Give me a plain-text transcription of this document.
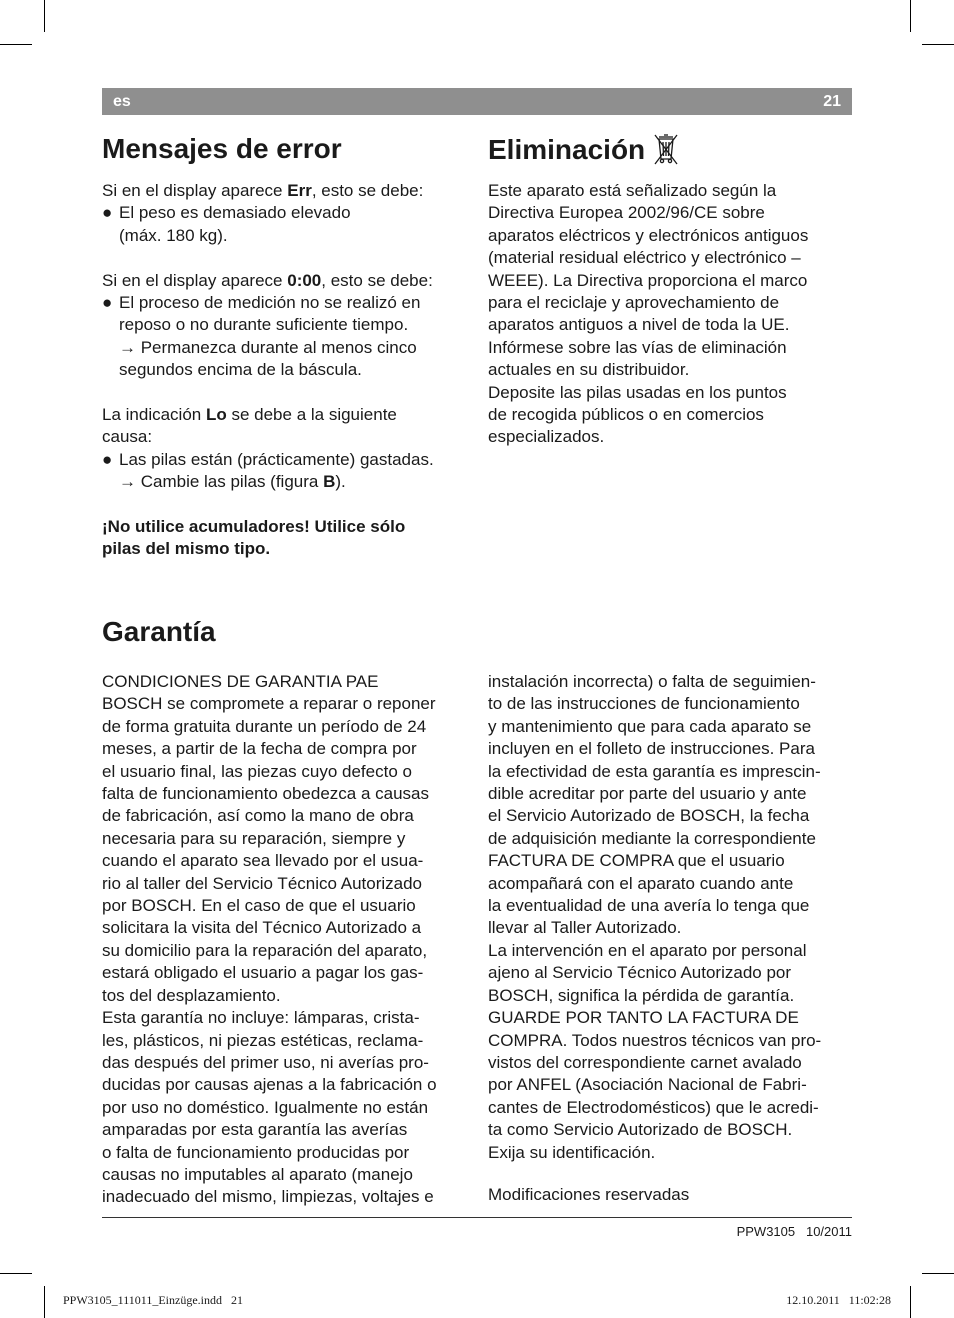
es	21
Mensajes de error

Si en el display aparece Err, esto se debe:

● El peso es demasiado elevado

(máx. 180 kg).

Si en el display aparece 0:00, esto se debe:

● El proceso de medición no se realizó en

reposo o no durante suficiente tiempo.

→ Permanezca durante al menos cinco

segundos encima de la báscula.

La indicación Lo se debe a la siguiente

causa:

● Las pilas están (prácticamente) gastadas.

→ Cambie las pilas (figura B).

¡No utilice acumuladores! Utilice sólo

pilas del mismo tipo.

Eliminación

Este aparato está señalizado según la

Directiva Europea 2002/96/CE sobre

aparatos eléctricos y electrónicos antiguos

(material residual eléctrico y electrónico –

WEEE). La Directiva proporciona el marco

para el reciclaje y aprovechamiento de

aparatos antiguos a nivel de toda la UE.

Infórmese sobre las vías de eliminación

actuales en su distribuidor.

Deposite las pilas usadas en los puntos

de recogida públicos o en comercios

especializados.

Garantía

CONDICIONES DE GARANTIA PAE

BOSCH se compromete a reparar o reponer

de forma gratuita durante un período de 24

meses, a partir de la fecha de compra por

el usuario final, las piezas cuyo defecto o

falta de funcionamiento obedezca a causas

de fabricación, así como la mano de obra

necesaria para su reparación, siempre y

cuando el aparato sea llevado por el usua-

rio al taller del Servicio Técnico Autorizado

por BOSCH. En el caso de que el usuario

solicitara la visita del Técnico Autorizado a

su domicilio para la reparación del aparato,

estará obligado el usuario a pagar los gas-

tos del desplazamiento.

Esta garantía no incluye: lámparas, crista-

les, plásticos, ni piezas estéticas, reclama-

das después del primer uso, ni averías pro-

ducidas por causas ajenas a la fabricación o

por uso no doméstico. Igualmente no están

amparadas por esta garantía las averías

o falta de funcionamiento producidas por

causas no imputables al aparato (manejo

inadecuado del mismo, limpiezas, voltajes e

instalación incorrecta) o falta de seguimien-

to de las instrucciones de funcionamiento

y mantenimiento que para cada aparato se

incluyen en el folleto de instrucciones. Para

la efectividad de esta garantía es imprescin-

dible acreditar por parte del usuario y ante

el Servicio Autorizado de BOSCH, la fecha

de adquisición mediante la correspondiente

FACTURA DE COMPRA que el usuario

acompañará con el aparato cuando ante

la eventualidad de una avería lo tenga que

llevar al Taller Autorizado.

La intervención en el aparato por personal

ajeno al Servicio Técnico Autorizado por

BOSCH, significa la pérdida de garantía.

GUARDE POR TANTO LA FACTURA DE

COMPRA. Todos nuestros técnicos van pro-

vistos del correspondiente carnet avalado

por ANFEL (Asociación Nacional de Fabri-

cantes de Electrodomésticos) que le acredi-

ta como Servicio Autorizado de BOSCH.

Exija su identificación.

Modificaciones reservadas

PPW3105   10/2011
PPW3105_111011_Einzüge.indd   21	12.10.2011   11:02:28
